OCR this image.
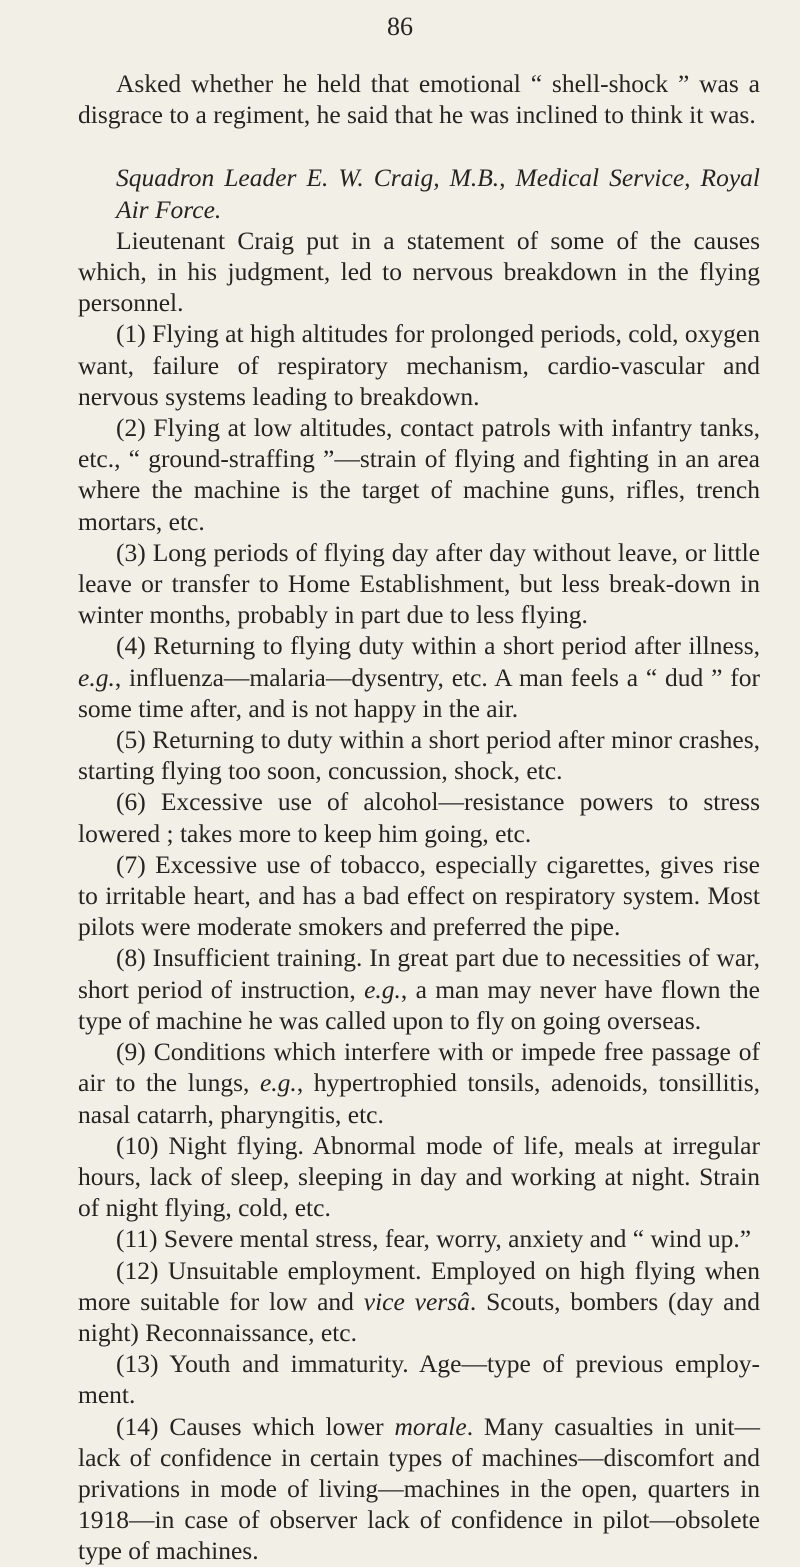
86

Asked whether he held that emotional “ shell-shock ” was a disgrace to a regiment, he said that he was inclined to think it was.

Squadron Leader E. W. Craig, M.B., Medical Service, Royal Air Force.

Lieutenant Craig put in a statement of some of the causes which, in his judgment, led to nervous breakdown in the flying personnel.

(1) Flying at high altitudes for prolonged periods, cold, oxygen want, failure of respiratory mechanism, cardio-vascular and nervous systems leading to breakdown.

(2) Flying at low altitudes, contact patrols with infantry tanks, etc., “ ground-straffing ”—strain of flying and fighting in an area where the machine is the target of machine guns, rifles, trench mortars, etc.

(3) Long periods of flying day after day without leave, or little leave or transfer to Home Establishment, but less break-down in winter months, probably in part due to less flying.

(4) Returning to flying duty within a short period after illness, e.g., influenza—malaria—dysentry, etc. A man feels a “ dud ” for some time after, and is not happy in the air.

(5) Returning to duty within a short period after minor crashes, starting flying too soon, concussion, shock, etc.

(6) Excessive use of alcohol—resistance powers to stress lowered ; takes more to keep him going, etc.

(7) Excessive use of tobacco, especially cigarettes, gives rise to irritable heart, and has a bad effect on respiratory system. Most pilots were moderate smokers and preferred the pipe.

(8) Insufficient training. In great part due to necessities of war, short period of instruction, e.g., a man may never have flown the type of machine he was called upon to fly on going overseas.

(9) Conditions which interfere with or impede free passage of air to the lungs, e.g., hypertrophied tonsils, adenoids, tonsillitis, nasal catarrh, pharyngitis, etc.

(10) Night flying. Abnormal mode of life, meals at irregular hours, lack of sleep, sleeping in day and working at night. Strain of night flying, cold, etc.

(11) Severe mental stress, fear, worry, anxiety and “ wind up.”

(12) Unsuitable employment. Employed on high flying when more suitable for low and vice versâ. Scouts, bombers (day and night) Reconnaissance, etc.

(13) Youth and immaturity. Age—type of previous employ-ment.

(14) Causes which lower morale. Many casualties in unit—lack of confidence in certain types of machines—discomfort and privations in mode of living—machines in the open, quarters in 1918—in case of observer lack of confidence in pilot—obsolete type of machines.
